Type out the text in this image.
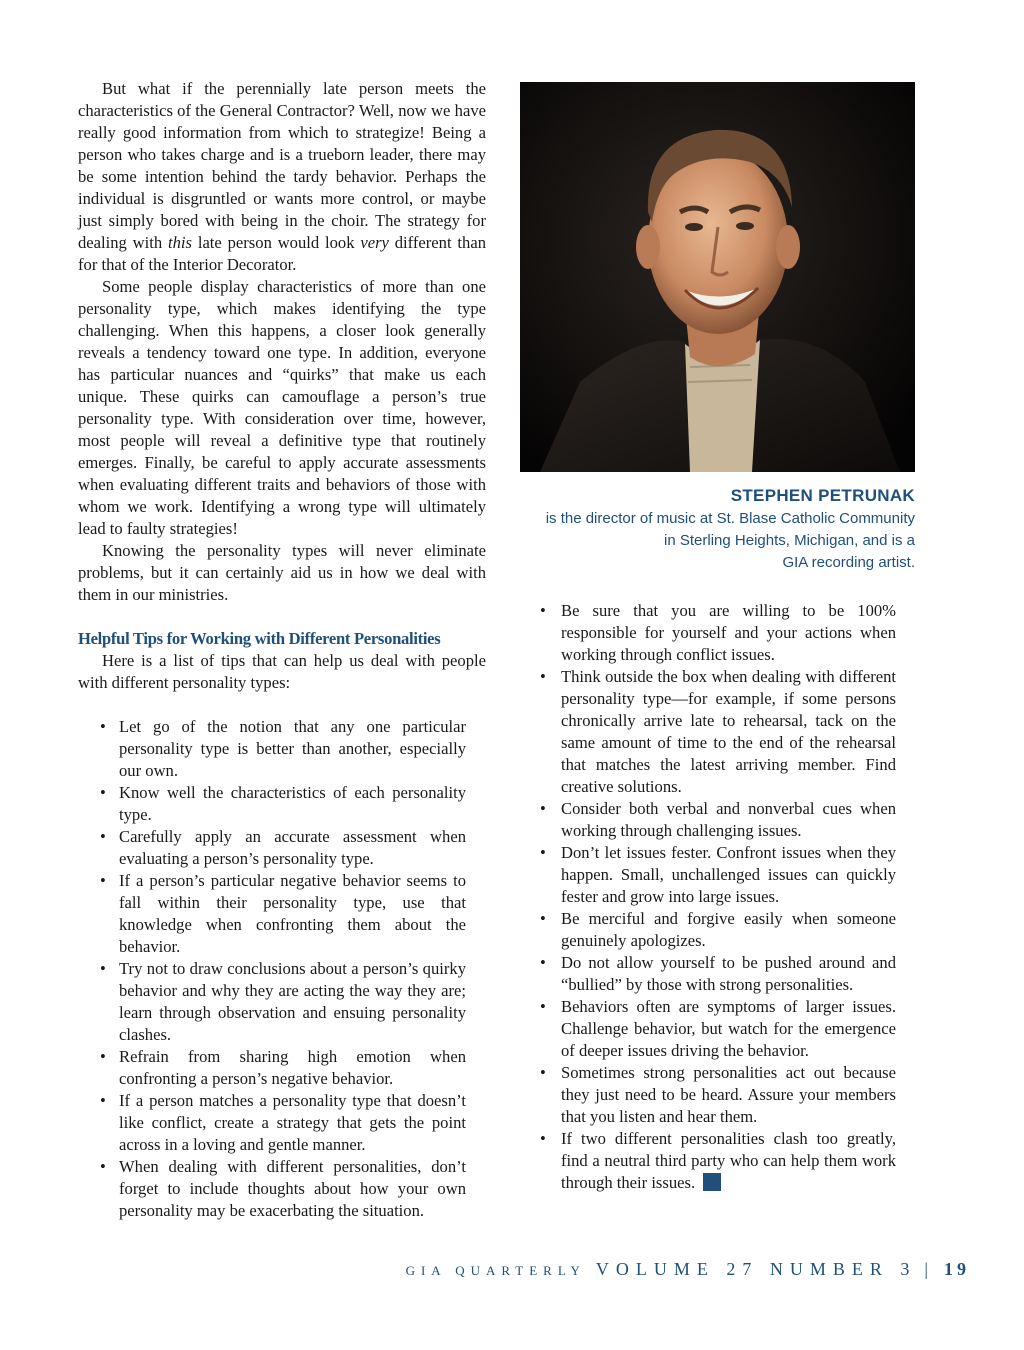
But what if the perennially late person meets the characteristics of the General Contractor? Well, now we have really good information from which to strategize! Being a person who takes charge and is a trueborn leader, there may be some intention behind the tardy behavior. Perhaps the individual is disgruntled or wants more control, or maybe just simply bored with being in the choir. The strategy for dealing with this late person would look very different than for that of the Interior Decorator.

Some people display characteristics of more than one personality type, which makes identifying the type challenging. When this happens, a closer look generally reveals a tendency toward one type. In addition, everyone has particular nuances and “quirks” that make us each unique. These quirks can camouflage a person’s true personality type. With consideration over time, however, most people will reveal a definitive type that routinely emerges. Finally, be careful to apply accurate assessments when evaluating different traits and behaviors of those with whom we work. Identifying a wrong type will ultimately lead to faulty strategies!

Knowing the personality types will never eliminate problems, but it can certainly aid us in how we deal with them in our ministries.

Helpful Tips for Working with Different Personalities

Here is a list of tips that can help us deal with people with different personality types:

• Let go of the notion that any one particular personality type is better than another, especially our own.
• Know well the characteristics of each personality type.
• Carefully apply an accurate assessment when evaluating a person’s personality type.
• If a person’s particular negative behavior seems to fall within their personality type, use that knowledge when confronting them about the behavior.
• Try not to draw conclusions about a person’s quirky behavior and why they are acting the way they are; learn through observation and ensuing personality clashes.
• Refrain from sharing high emotion when confronting a person’s negative behavior.
• If a person matches a personality type that doesn’t like conflict, create a strategy that gets the point across in a loving and gentle manner.
• When dealing with different personalities, don’t forget to include thoughts about how your own personality may be exacerbating the situation.
STEPHEN PETRUNAK
is the director of music at St. Blase Catholic Community
in Sterling Heights, Michigan, and is a
GIA recording artist.
• Be sure that you are willing to be 100% responsible for yourself and your actions when working through conflict issues.
• Think outside the box when dealing with different personality type—for example, if some persons chronically arrive late to rehearsal, tack on the same amount of time to the end of the rehearsal that matches the latest arriving member. Find creative solutions.
• Consider both verbal and nonverbal cues when working through challenging issues.
• Don’t let issues fester. Confront issues when they happen. Small, unchallenged issues can quickly fester and grow into large issues.
• Be merciful and forgive easily when someone genuinely apologizes.
• Do not allow yourself to be pushed around and “bullied” by those with strong personalities.
• Behaviors often are symptoms of larger issues. Challenge behavior, but watch for the emergence of deeper issues driving the behavior.
• Sometimes strong personalities act out because they just need to be heard. Assure your members that you listen and hear them.
• If two different personalities clash too greatly, find a neutral third party who can help them work through their issues.
GIA QUARTERLY VOLUME 27 NUMBER 3 | 19
